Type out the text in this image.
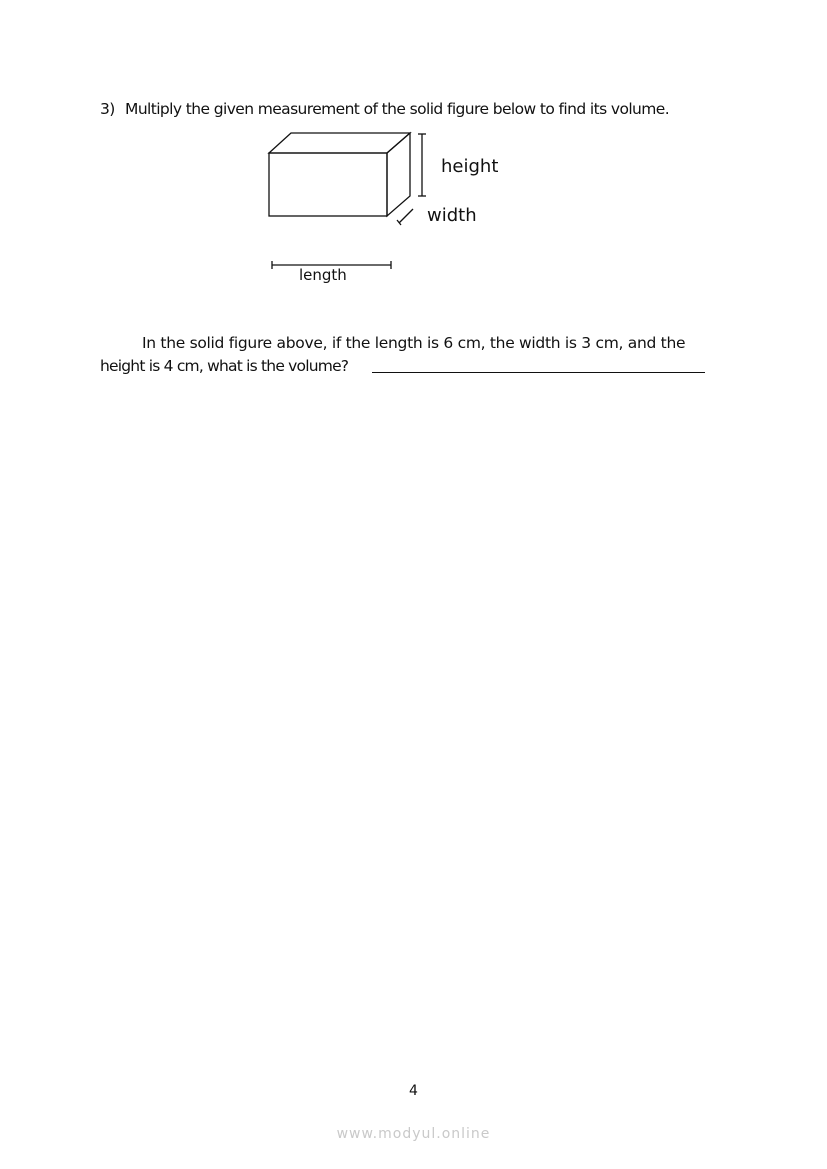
3) Multiply the given measurement of the solid figure below to find its volume.
height
width
length
In the solid figure above, if the length is 6 cm, the width is 3 cm, and the
height is 4 cm, what is the volume?
4
www.modyul.online
